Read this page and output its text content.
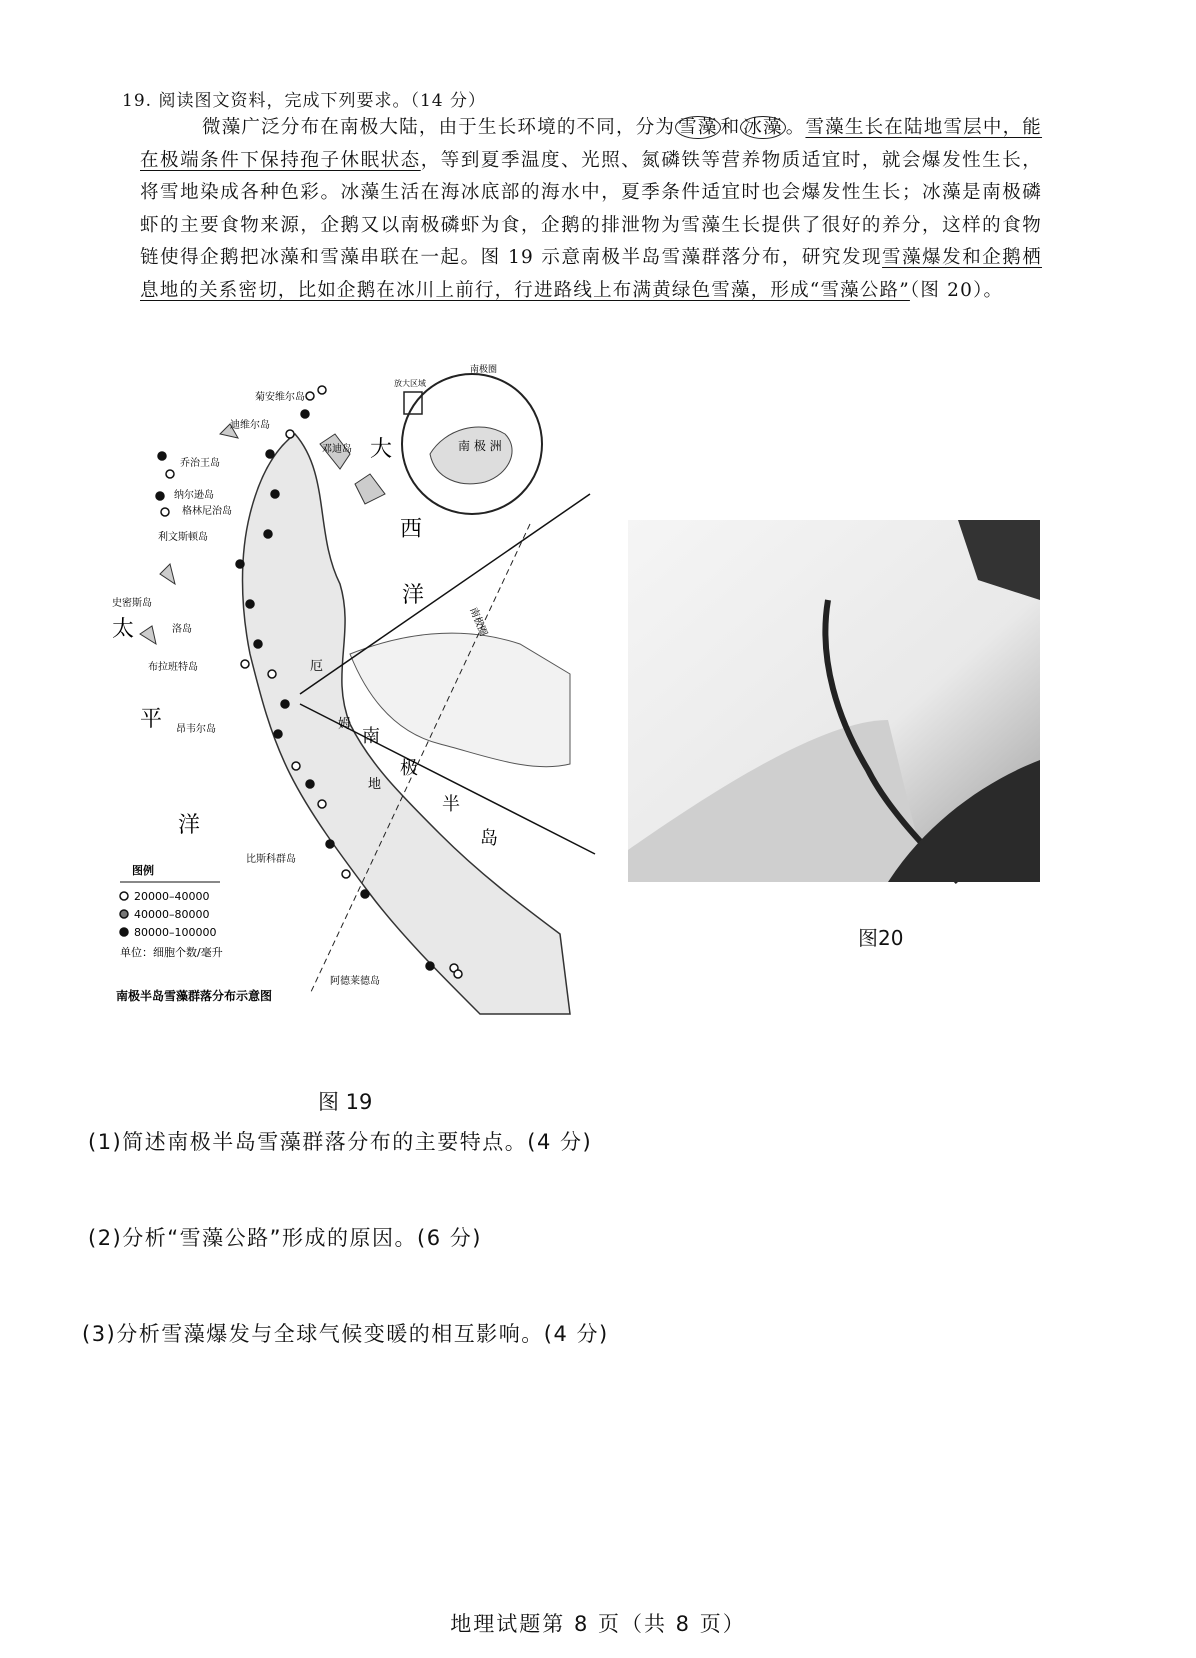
19. 阅读图文资料，完成下列要求。（14 分）
微藻广泛分布在南极大陆，由于生长环境的不同，分为 雪藻 和 冰藻 。雪藻生长在陆地雪层中，能在极端条件下保持孢子休眠状态，等到夏季温度、光照、氮磷铁等营养物质适宜时，就会爆发性生长，将雪地染成各种色彩。冰藻生活在海冰底部的海水中，夏季条件适宜时也会爆发性生长；冰藻是南极磷虾的主要食物来源，企鹅又以南极磷虾为食，企鹅的排泄物为雪藻生长提供了很好的养分，这样的食物链使得企鹅把冰藻和雪藻串联在一起。图 19 示意南极半岛雪藻群落分布，研究发现雪藻爆发和企鹅栖息地的关系密切，比如企鹅在冰川上前行，行进路线上布满黄绿色雪藻，形成“雪藻公路”（图 20）。
南极圈
放大区域
南 极 洲
南极圈
大
西
洋
太
平
洋
南
极
半
岛
厄
姆
地
菊安维尔岛
迪维尔岛
邓迪岛
乔治王岛
纳尔逊岛
格林尼治岛
利文斯顿岛
史密斯岛
洛岛
布拉班特岛
昂韦尔岛
比斯科群岛
阿德莱德岛
图例
20000–40000
40000–80000
80000–100000
单位：细胞个数/毫升
南极半岛雪藻群落分布示意图
图20
图 19
(1)简述南极半岛雪藻群落分布的主要特点。(4 分)
(2)分析“雪藻公路”形成的原因。(6 分)
(3)分析雪藻爆发与全球气候变暖的相互影响。(4 分)
地理试题第 8 页（共 8 页）
